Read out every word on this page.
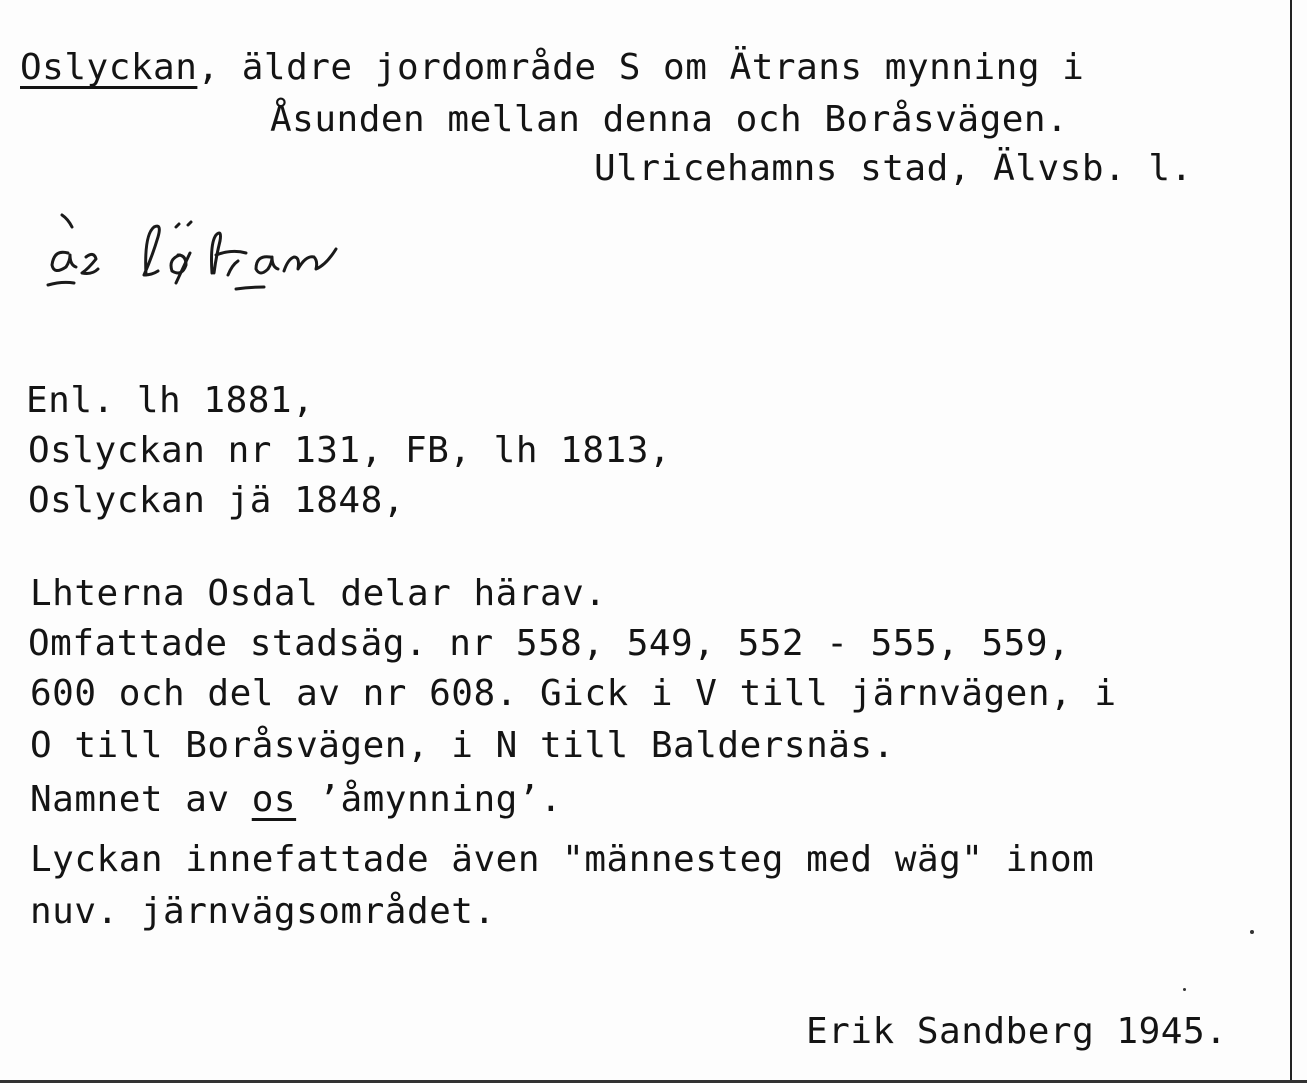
Oslyckan, äldre jordområde S om Ätrans mynning i
Åsunden mellan denna och Boråsvägen.
Ulricehamns stad, Älvsb. l.
Enl. lh 1881,
Oslyckan nr 131, FB, lh 1813,
Oslyckan jä 1848,
Lhterna Osdal delar härav.
Omfattade stadsäg. nr 558, 549, 552 - 555, 559,
600 och del av nr 608. Gick i V till järnvägen, i
O till Boråsvägen, i N till Baldersnäs.
Namnet av os ’åmynning’.
Lyckan innefattade även "männesteg med wäg" inom
nuv. järnvägsområdet.
Erik Sandberg 1945.
